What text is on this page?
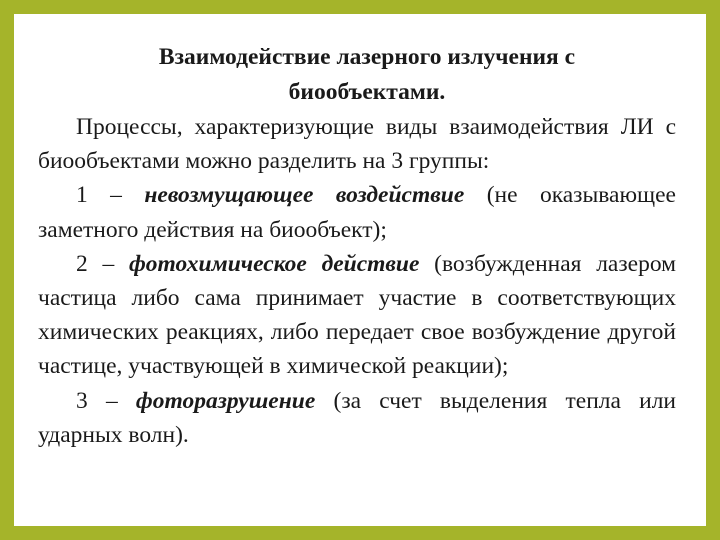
Взаимодействие лазерного излучения с биообъектами.

Процессы, характеризующие виды взаимодействия ЛИ с биообъектами можно разделить на 3 группы:

1 – невозмущающее воздействие (не оказывающее заметного действия на биообъект);

2 – фотохимическое действие (возбужденная лазером частица либо сама принимает участие в соответствующих химических реакциях, либо передает свое возбуждение другой частице, участвующей в химической реакции);

3 – фоторазрушение (за счет выделения тепла или ударных волн).
